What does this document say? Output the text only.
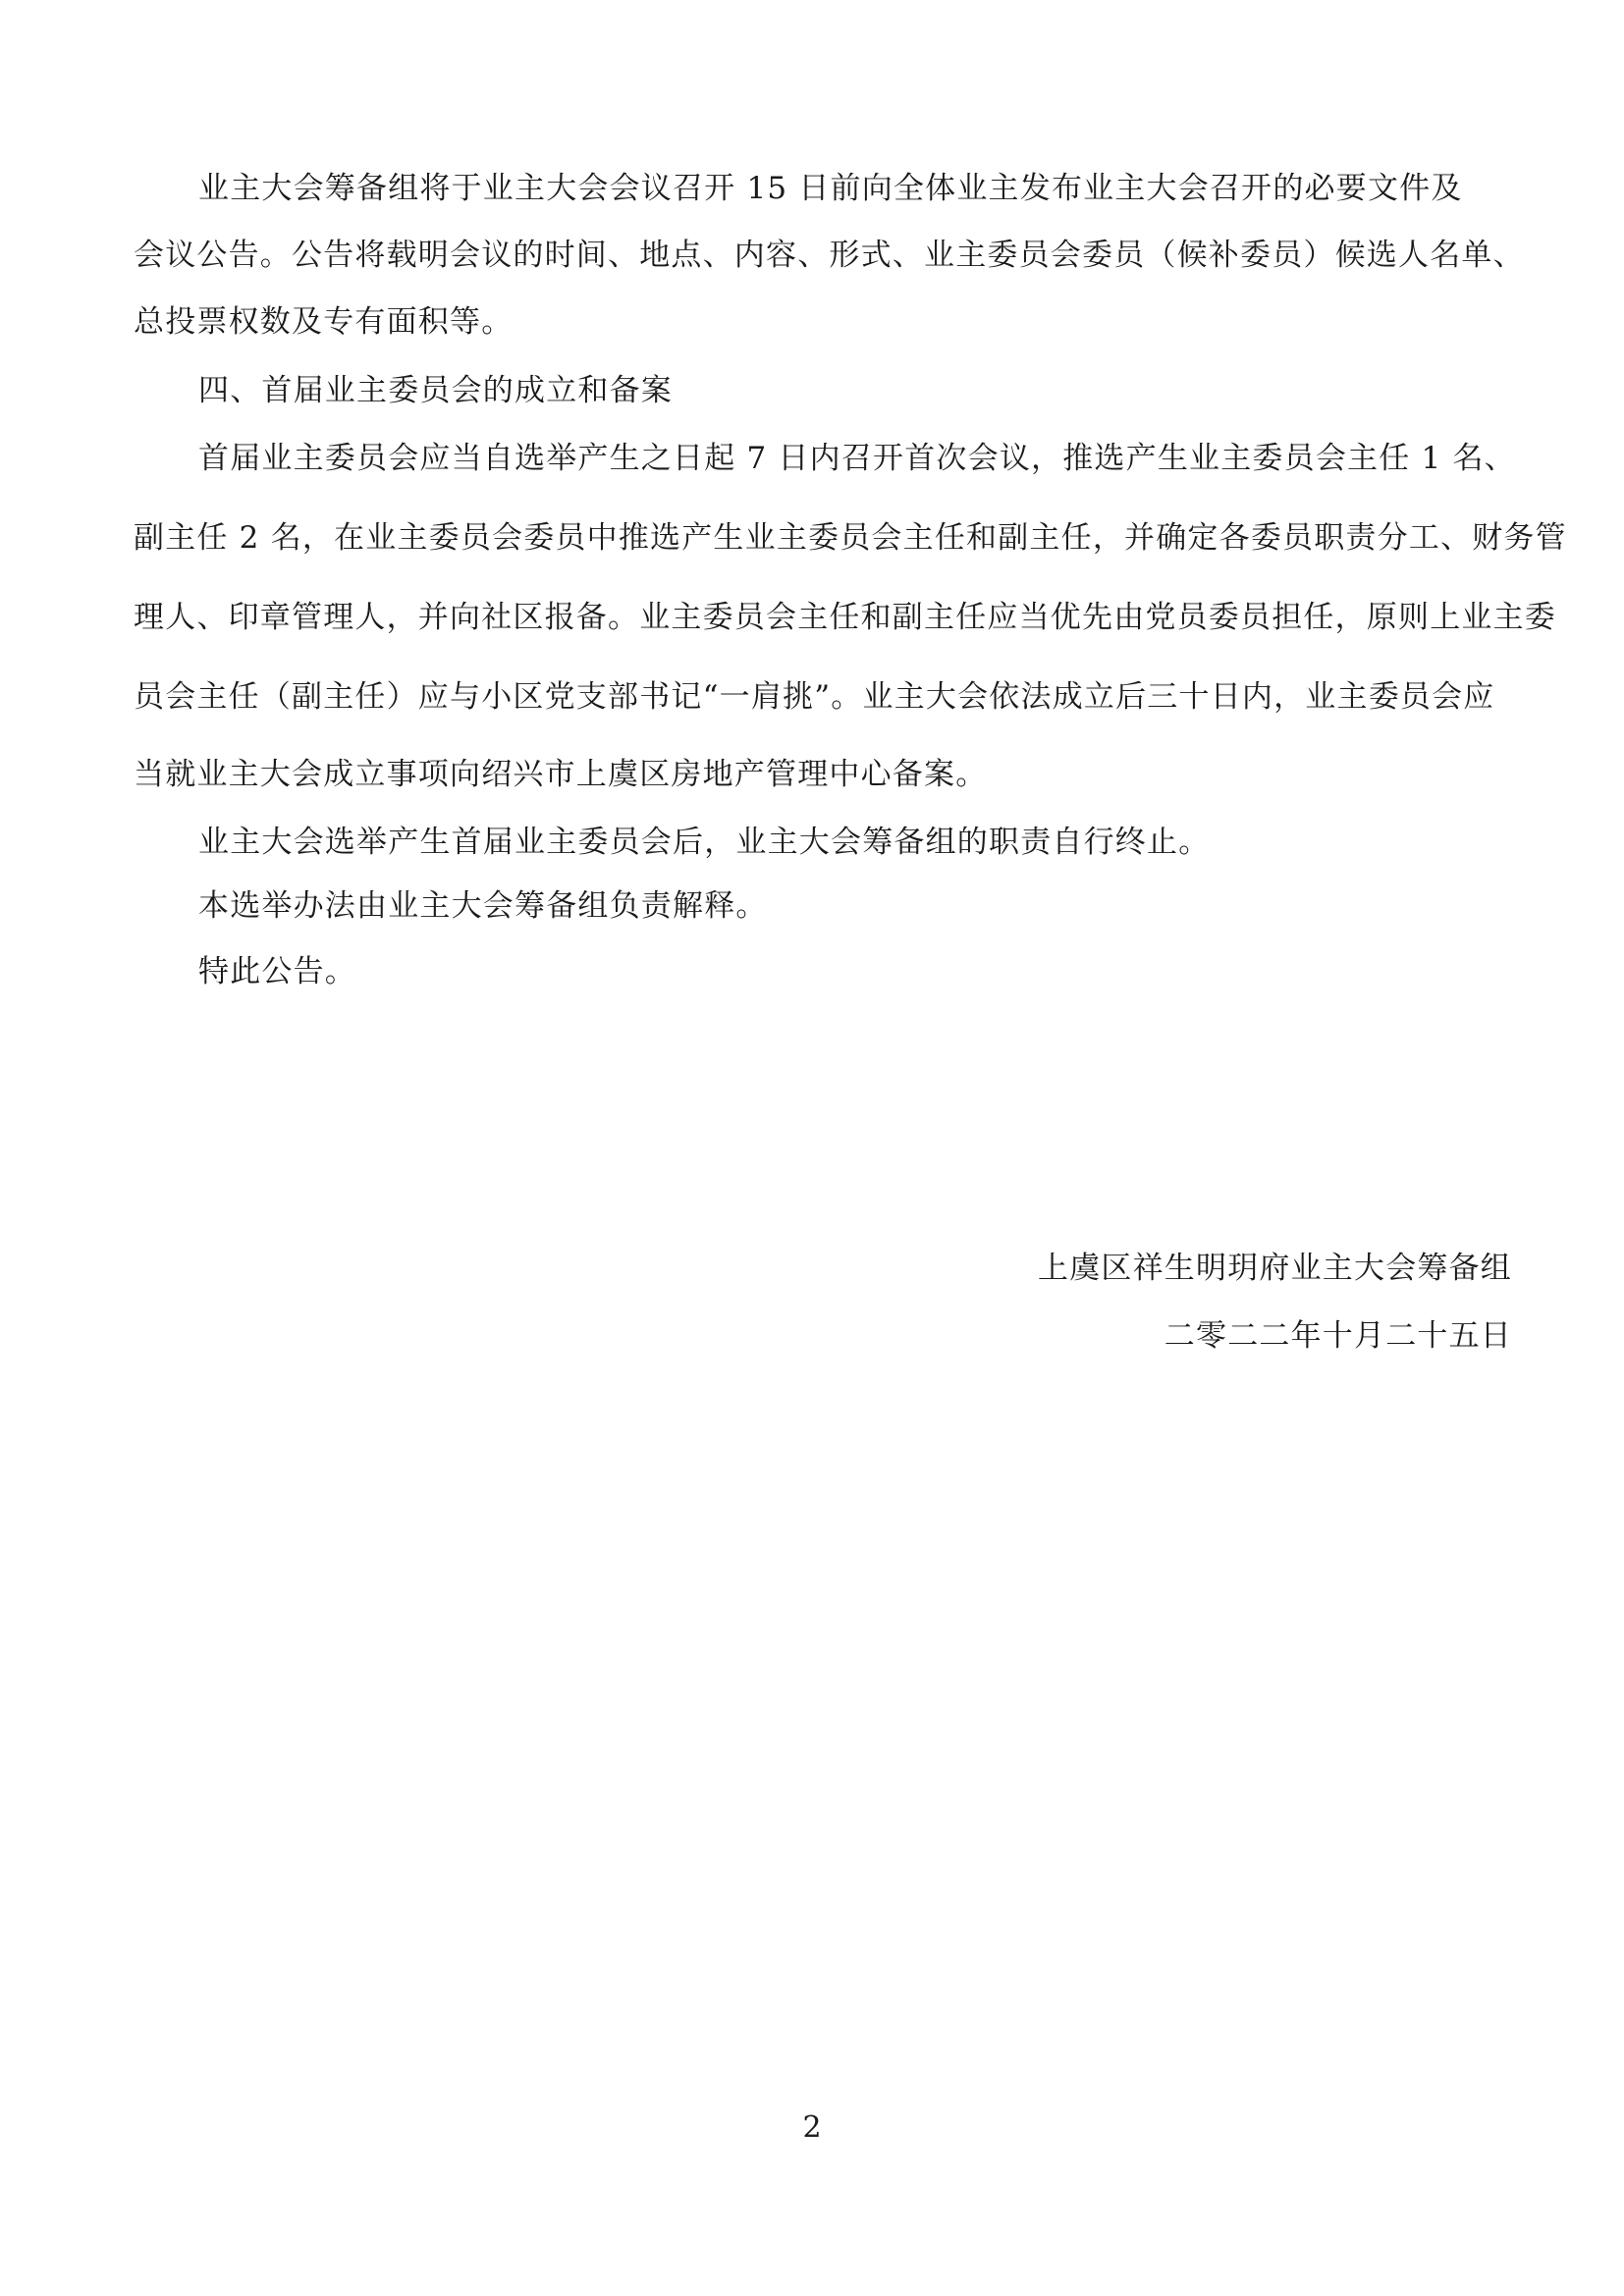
业主大会筹备组将于业主大会会议召开 15 日前向全体业主发布业主大会召开的必要文件及
会议公告。公告将载明会议的时间、地点、内容、形式、业主委员会委员（候补委员）候选人名单、
总投票权数及专有面积等。
四、首届业主委员会的成立和备案
首届业主委员会应当自选举产生之日起 7 日内召开首次会议，推选产生业主委员会主任 1 名、
副主任 2 名，在业主委员会委员中推选产生业主委员会主任和副主任，并确定各委员职责分工、财务管
理人、印章管理人，并向社区报备。业主委员会主任和副主任应当优先由党员委员担任，原则上业主委
员会主任（副主任）应与小区党支部书记“一肩挑”。业主大会依法成立后三十日内，业主委员会应
当就业主大会成立事项向绍兴市上虞区房地产管理中心备案。
业主大会选举产生首届业主委员会后，业主大会筹备组的职责自行终止。
本选举办法由业主大会筹备组负责解释。
特此公告。
上虞区祥生明玥府业主大会筹备组
二零二二年十月二十五日
2
